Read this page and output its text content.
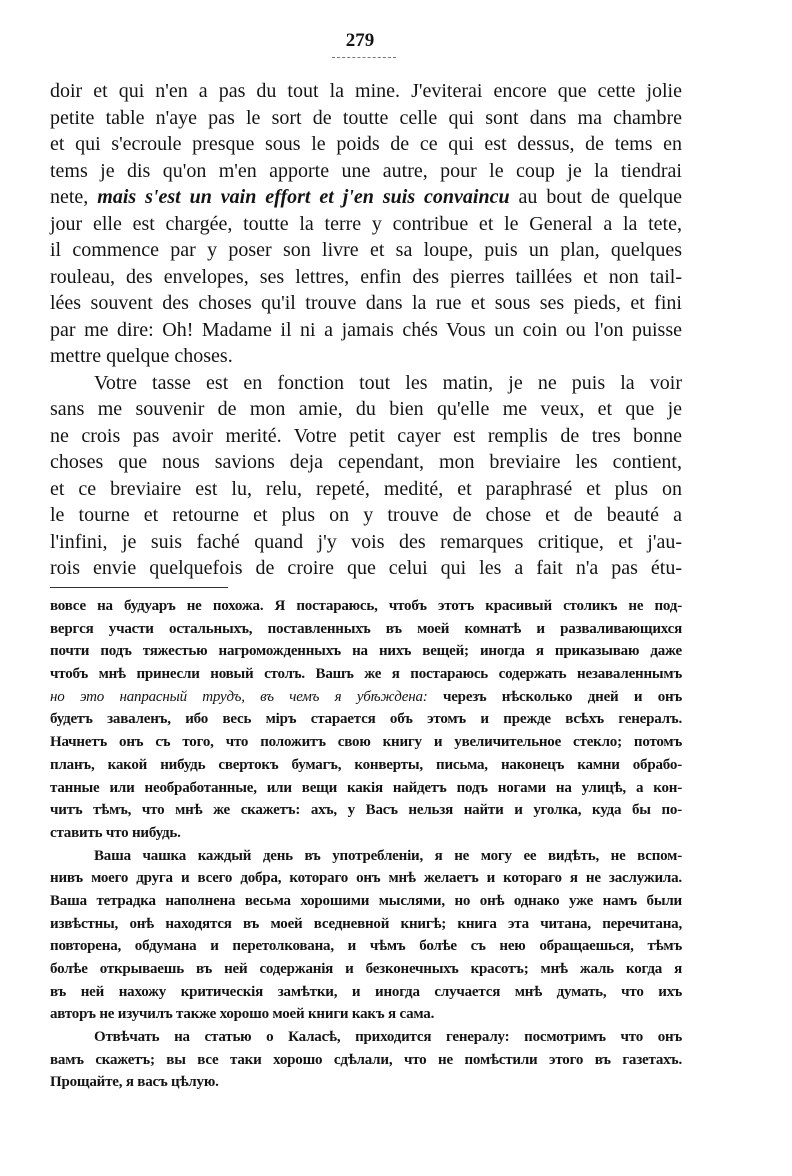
279
doir et qui n'en a pas du tout la mine. J'eviterai encore que cette jolie
petite table n'aye pas le sort de toutte celle qui sont dans ma chambre
et qui s'ecroule presque sous le poids de ce qui est dessus, de tems en
tems je dis qu'on m'en apporte une autre, pour le coup je la tiendrai
nete, mais s'est un vain effort et j'en suis convaincu au bout de quelque
jour elle est chargée, toutte la terre y contribue et le General a la tete,
il commence par y poser son livre et sa loupe, puis un plan, quelques
rouleau, des envelopes, ses lettres, enfin des pierres taillées et non tail-
lées souvent des choses qu'il trouve dans la rue et sous ses pieds, et fini
par me dire: Oh! Madame il ni a jamais chés Vous un coin ou l'on puisse
mettre quelque choses.
Votre tasse est en fonction tout les matin, je ne puis la voir
sans me souvenir de mon amie, du bien qu'elle me veux, et que je
ne crois pas avoir merité. Votre petit cayer est remplis de tres bonne
choses que nous savions deja cependant, mon breviaire les contient,
et ce breviaire est lu, relu, repeté, medité, et paraphrasé et plus on
le tourne et retourne et plus on y trouve de chose et de beauté a
l'infini, je suis faché quand j'y vois des remarques critique, et j'au-
rois envie quelquefois de croire que celui qui les a fait n'a pas étu-
вовсе на будуаръ не похожа. Я постараюсь, чтобъ этотъ красивый столикъ не под-
вергся участи остальныхъ, поставленныхъ въ моей комнатѣ и разваливающихся
почти подъ тяжестью нагроможденныхъ на нихъ вещей; иногда я приказываю даже
чтобъ мнѣ принесли новый столъ. Вашъ же я постараюсь содержать незаваленнымъ
но это напрасный трудъ, въ чемъ я убѣждена: черезъ нѣсколько дней и онъ
будетъ заваленъ, ибо весь міръ старается объ этомъ и прежде всѣхъ генералъ.
Начнетъ онъ съ того, что положитъ свою книгу и увеличительное стекло; потомъ
планъ, какой нибудь свертокъ бумагъ, конверты, письма, наконецъ камни обрабо-
танные или необработанные, или вещи какія найдетъ подъ ногами на улицѣ, а кон-
читъ тѣмъ, что мнѣ же скажетъ: ахъ, у Васъ нельзя найти и уголка, куда бы по-
ставить что нибудь.
Ваша чашка каждый день въ употребленіи, я не могу ее видѣть, не вспом-
нивъ моего друга и всего добра, котораго онъ мнѣ желаетъ и котораго я не заслужила.
Ваша тетрадка наполнена весьма хорошими мыслями, но онѣ однако уже намъ были
извѣстны, онѣ находятся въ моей вседневной книгѣ; книга эта читана, перечитана,
повторена, обдумана и перетолкована, и чѣмъ болѣе съ нею обращаешься, тѣмъ
болѣе открываешь въ ней содержанія и безконечныхъ красотъ; мнѣ жаль когда я
въ ней нахожу критическія замѣтки, и иногда случается мнѣ думать, что ихъ
авторъ не изучилъ также хорошо моей книги какъ я сама.
Отвѣчать на статью о Каласѣ, приходится генералу: посмотримъ что онъ
вамъ скажетъ; вы все таки хорошо сдѣлали, что не помѣстили этого въ газетахъ.
Прощайте, я васъ цѣлую.
